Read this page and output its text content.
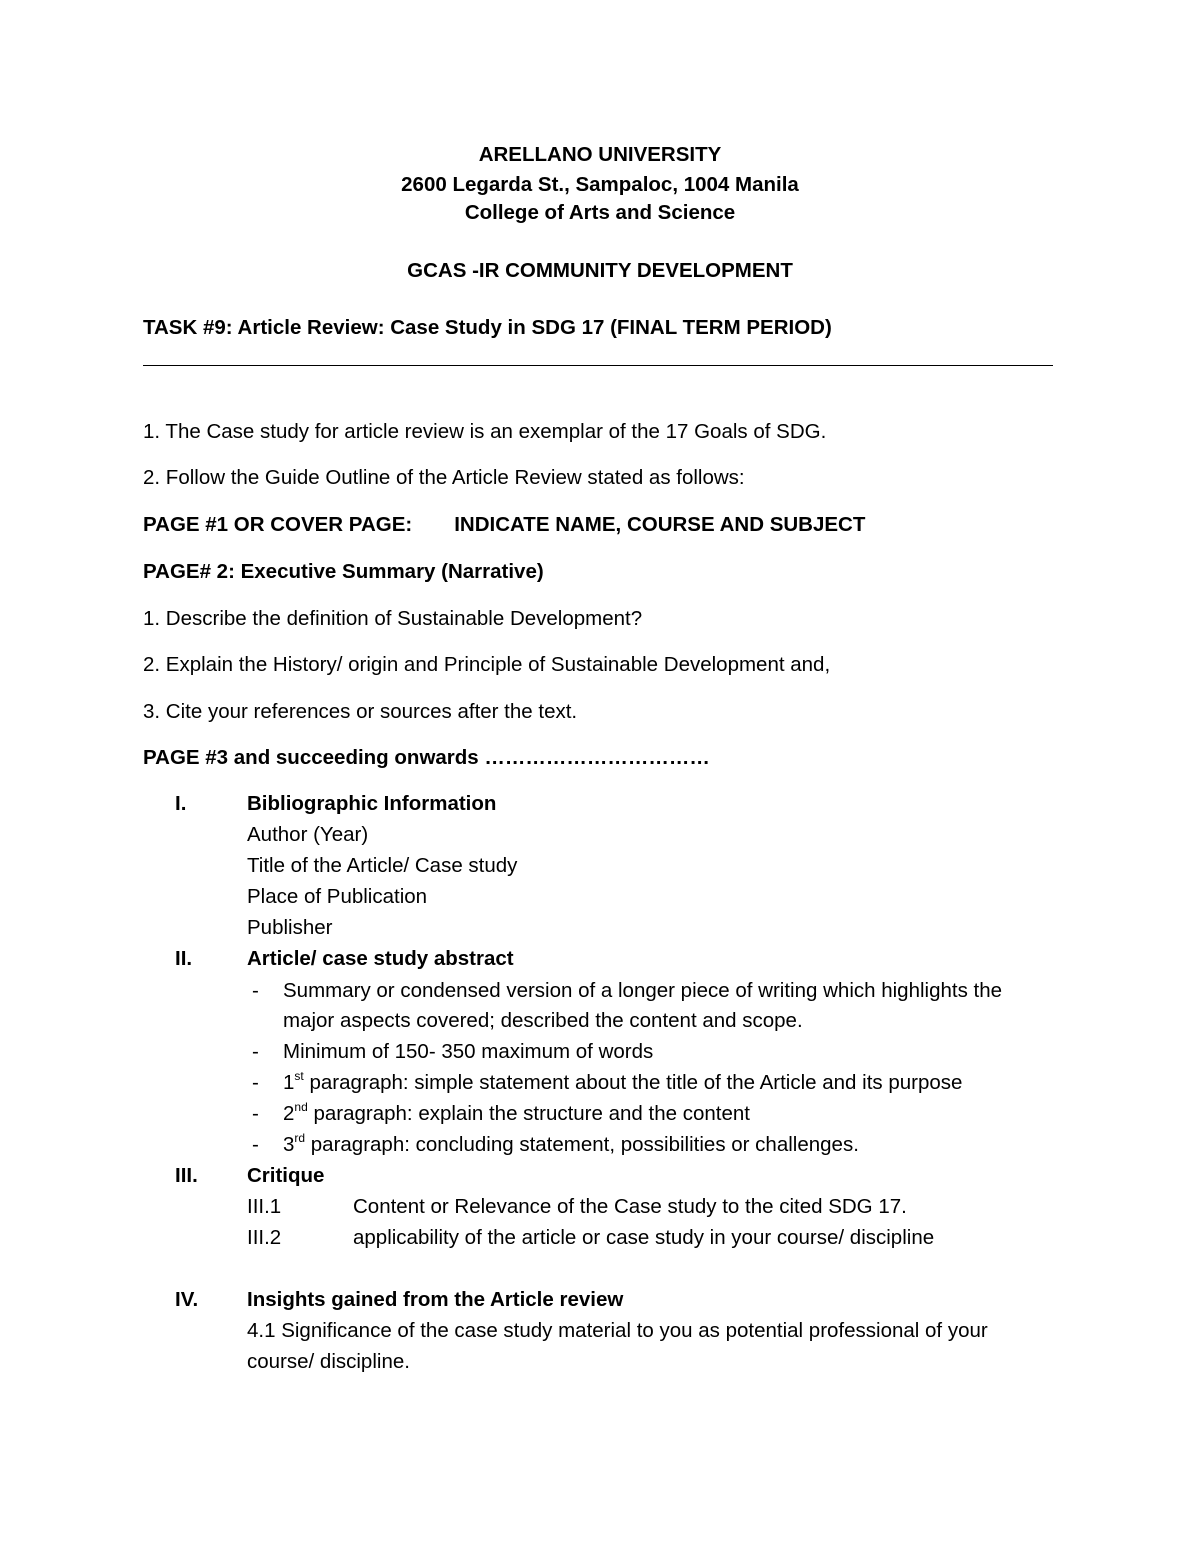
ARELLANO UNIVERSITY
2600 Legarda St., Sampaloc, 1004 Manila
College of Arts and Science
GCAS -IR COMMUNITY DEVELOPMENT
TASK #9: Article Review: Case Study in SDG 17 (FINAL TERM PERIOD)
1. The Case study for article review is an exemplar of the 17 Goals of SDG.
2. Follow the Guide Outline of the Article Review stated as follows:
PAGE #1 OR COVER PAGE: INDICATE NAME, COURSE AND SUBJECT
PAGE# 2: Executive Summary (Narrative)
1. Describe the definition of Sustainable Development?
2. Explain the History/ origin and Principle of Sustainable Development and,
3. Cite your references or sources after the text.
PAGE #3 and succeeding onwards ……………………………
I.	Bibliographic Information
Author (Year)
Title of the Article/ Case study
Place of Publication
Publisher
II.	Article/ case study abstract
- Summary or condensed version of a longer piece of writing which highlights the
major aspects covered; described the content and scope.
- Minimum of 150- 350 maximum of words
- 1st paragraph: simple statement about the title of the Article and its purpose
- 2nd paragraph: explain the structure and the content
- 3rd paragraph: concluding statement, possibilities or challenges.
III. Critique
III.1	Content or Relevance of the Case study to the cited SDG 17.
III.2	applicability of the article or case study in your course/ discipline
IV. Insights gained from the Article review
4.1 Significance of the case study material to you as potential professional of your
course/ discipline.
